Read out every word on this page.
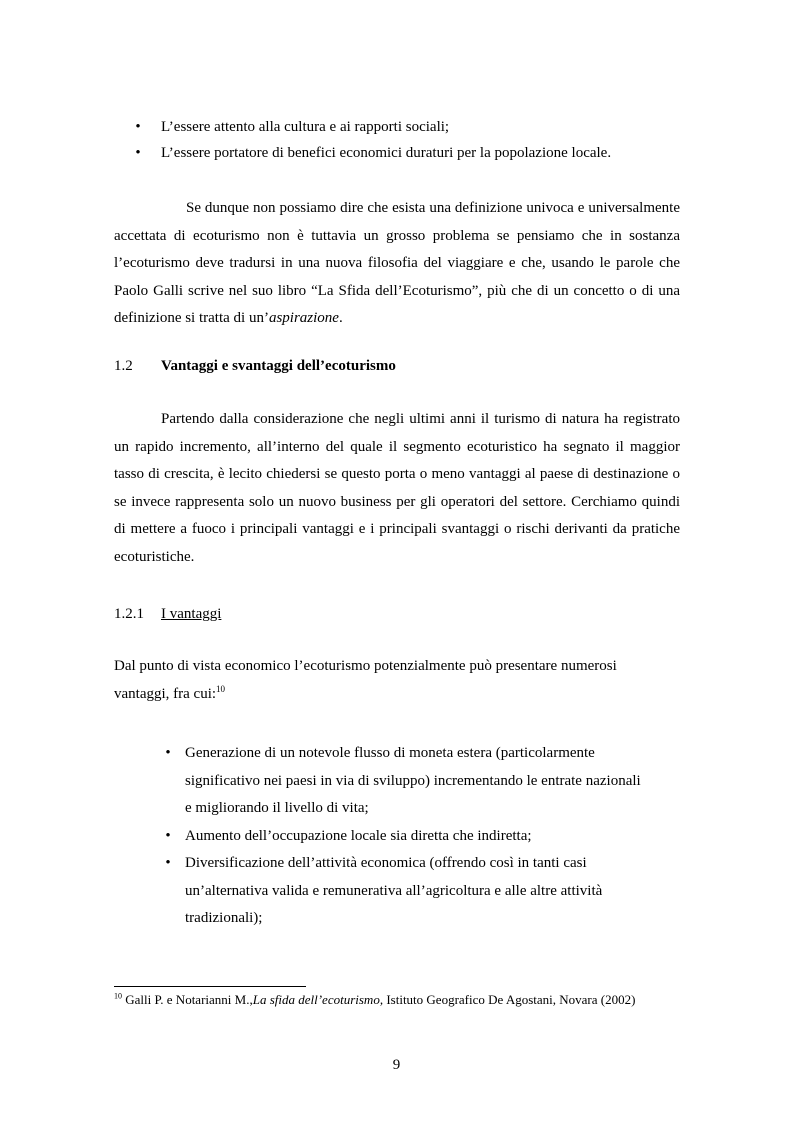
•	L’essere attento alla cultura e ai rapporti sociali;
•	L’essere portatore di benefici economici duraturi per la popolazione locale.

Se dunque non possiamo dire che esista una definizione univoca e universalmente accettata di ecoturismo non è tuttavia un grosso problema se pensiamo che in sostanza l’ecoturismo deve tradursi in una nuova filosofia del viaggiare e che, usando le parole che Paolo Galli scrive nel suo libro “La Sfida dell’Ecoturismo”, più che di un concetto o di una definizione si tratta di un’aspirazione.

1.2 Vantaggi e svantaggi dell’ecoturismo

Partendo dalla considerazione che negli ultimi anni il turismo di natura ha registrato un rapido incremento, all’interno del quale il segmento ecoturistico ha segnato il maggior tasso di crescita, è lecito chiedersi se questo porta o meno vantaggi al paese di destinazione o se invece rappresenta solo un nuovo business per gli operatori del settore. Cerchiamo quindi di mettere a fuoco i principali vantaggi e i principali svantaggi o rischi derivanti da pratiche ecoturistiche.

1.2.1 I vantaggi

Dal punto di vista economico l’ecoturismo potenzialmente può presentare numerosi
vantaggi, fra cui:$^{10}$

• Generazione di un notevole flusso di moneta estera (particolarmente
significativo nei paesi in via di sviluppo) incrementando le entrate nazionali
e migliorando il livello di vita;
• Aumento dell’occupazione locale sia diretta che indiretta;
• Diversificazione dell’attività economica (offrendo così in tanti casi
un’alternativa valida e remunerativa all’agricoltura e alle altre attività
tradizionali);
$^{10}$ Galli P. e Notarianni M.,La sfida dell’ecoturismo, Istituto Geografico De Agostani, Novara (2002)
9
